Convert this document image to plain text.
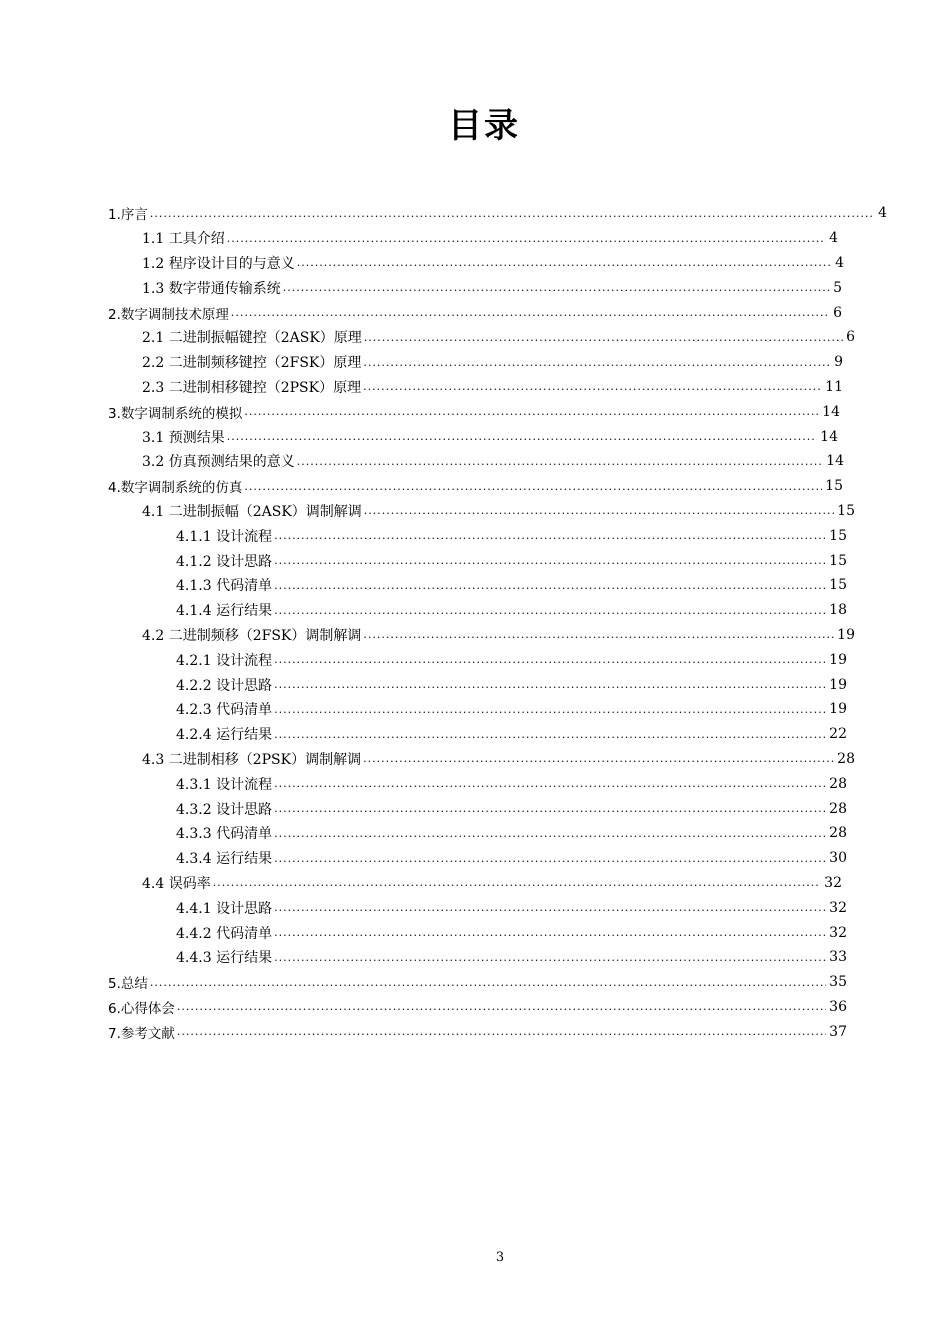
目录
1.序言 .....	4
1.1 工具介绍 .....	4
1.2 程序设计目的与意义 .....	4
1.3 数字带通传输系统 .....	5
2.数字调制技术原理 .....	6
2.1 二进制振幅键控（2ASK）原理 .....	6
2.2 二进制频移键控（2FSK）原理 .....	9
2.3 二进制相移键控（2PSK）原理 .....	11
3.数字调制系统的模拟 .....	14
3.1 预测结果 .....	14
3.2 仿真预测结果的意义 .....	14
4.数字调制系统的仿真 .....	15
4.1 二进制振幅（2ASK）调制解调 .....	15
4.1.1 设计流程 .....	15
4.1.2 设计思路 .....	15
4.1.3 代码清单 .....	15
4.1.4 运行结果 .....	18
4.2 二进制频移（2FSK）调制解调 .....	19
4.2.1 设计流程 .....	19
4.2.2 设计思路 .....	19
4.2.3 代码清单 .....	19
4.2.4 运行结果 .....	22
4.3 二进制相移（2PSK）调制解调 .....	28
4.3.1 设计流程 .....	28
4.3.2 设计思路 .....	28
4.3.3 代码清单 .....	28
4.3.4 运行结果 .....	30
4.4 误码率 .....	32
4.4.1 设计思路 .....	32
4.4.2 代码清单 .....	32
4.4.3 运行结果 .....	33
5.总结 .....	35
6.心得体会 .....	36
7.参考文献 .....	37
3
